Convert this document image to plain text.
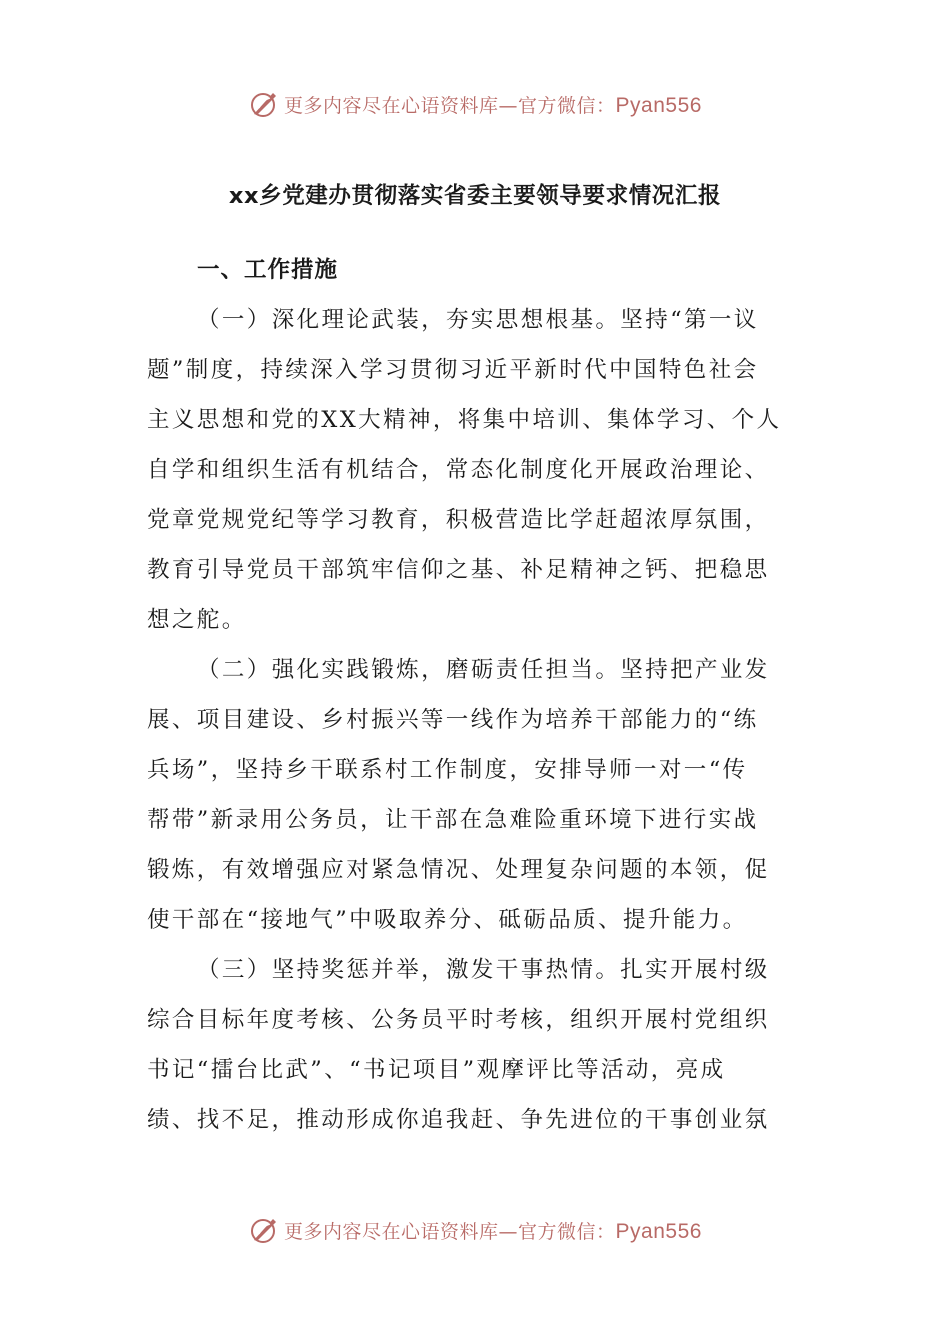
更多内容尽在心语资料库—官方微信：Pyan556
xx乡党建办贯彻落实省委主要领导要求情况汇报
一、工作措施

（一）深化理论武装，夯实思想根基。坚持“第一议

题”制度，持续深入学习贯彻习近平新时代中国特色社会

主义思想和党的XX大精神，将集中培训、集体学习、个人

自学和组织生活有机结合，常态化制度化开展政治理论、

党章党规党纪等学习教育，积极营造比学赶超浓厚氛围，

教育引导党员干部筑牢信仰之基、补足精神之钙、把稳思

想之舵。

（二）强化实践锻炼，磨砺责任担当。坚持把产业发

展、项目建设、乡村振兴等一线作为培养干部能力的“练

兵场”，坚持乡干联系村工作制度，安排导师一对一“传

帮带”新录用公务员，让干部在急难险重环境下进行实战

锻炼，有效增强应对紧急情况、处理复杂问题的本领，促

使干部在“接地气”中吸取养分、砥砺品质、提升能力。

（三）坚持奖惩并举，激发干事热情。扎实开展村级

综合目标年度考核、公务员平时考核，组织开展村党组织

书记“擂台比武”、“书记项目”观摩评比等活动，亮成

绩、找不足，推动形成你追我赶、争先进位的干事创业氛

更多内容尽在心语资料库—官方微信：Pyan556
